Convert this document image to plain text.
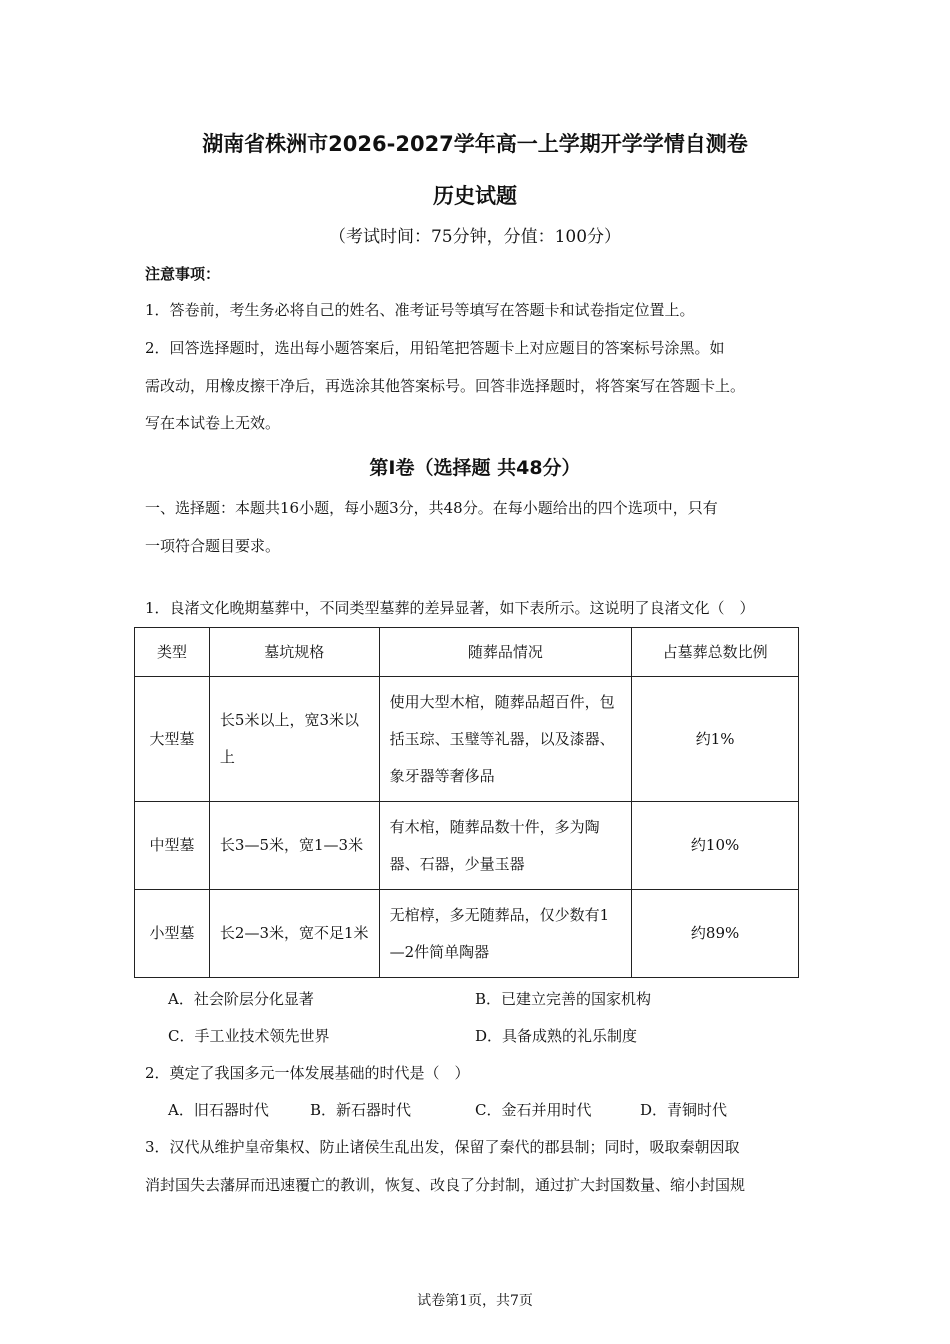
湖南省株洲市2026-2027学年高一上学期开学学情自测卷
历史试题
（考试时间：75分钟，分值：100分）
注意事项：
1．答卷前，考生务必将自己的姓名、准考证号等填写在答题卡和试卷指定位置上。
2．回答选择题时，选出每小题答案后，用铅笔把答题卡上对应题目的答案标号涂黑。如
需改动，用橡皮擦干净后，再选涂其他答案标号。回答非选择题时，将答案写在答题卡上。
写在本试卷上无效。
第Ⅰ卷（选择题 共48分）
一、选择题：本题共16小题，每小题3分，共48分。在每小题给出的四个选项中，只有
一项符合题目要求。
1．良渚文化晚期墓葬中，不同类型墓葬的差异显著，如下表所示。这说明了良渚文化（　）
类型	墓坑规格	随葬品情况	占墓葬总数比例
大型墓	长5米以上，宽3米以上	使用大型木棺，随葬品超百件，包括玉琮、玉璧等礼器，以及漆器、象牙器等奢侈品	约1%
中型墓	长3—5米，宽1—3米	有木棺，随葬品数十件，多为陶器、石器，少量玉器	约10%
小型墓	长2—3米，宽不足1米	无棺椁，多无随葬品，仅少数有1—2件简单陶器	约89%
A．社会阶层分化显著	B．已建立完善的国家机构
C．手工业技术领先世界	D．具备成熟的礼乐制度
2．奠定了我国多元一体发展基础的时代是（　）
A．旧石器时代	B．新石器时代	C．金石并用时代	D．青铜时代
3．汉代从维护皇帝集权、防止诸侯生乱出发，保留了秦代的郡县制；同时，吸取秦朝因取
消封国失去藩屏而迅速覆亡的教训，恢复、改良了分封制，通过扩大封国数量、缩小封国规
试卷第1页，共7页
